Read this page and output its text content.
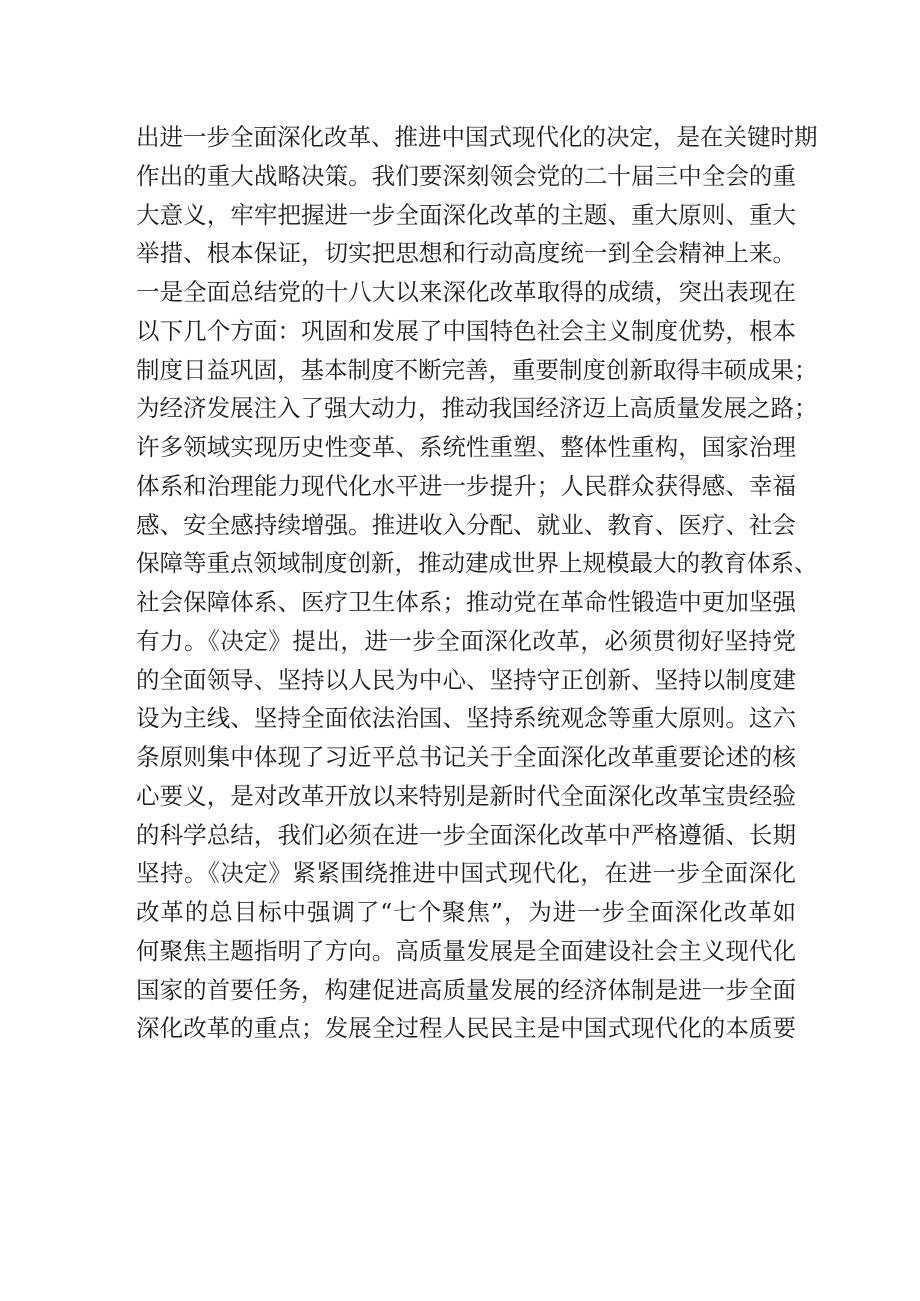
出进一步全面深化改革、推进中国式现代化的决定，是在关键时期
作出的重大战略决策。我们要深刻领会党的二十届三中全会的重
大意义，牢牢把握进一步全面深化改革的主题、重大原则、重大
举措、根本保证，切实把思想和行动高度统一到全会精神上来。
一是全面总结党的十八大以来深化改革取得的成绩，突出表现在
以下几个方面：巩固和发展了中国特色社会主义制度优势，根本
制度日益巩固，基本制度不断完善，重要制度创新取得丰硕成果；
为经济发展注入了强大动力，推动我国经济迈上高质量发展之路；
许多领域实现历史性变革、系统性重塑、整体性重构，国家治理
体系和治理能力现代化水平进一步提升；人民群众获得感、幸福
感、安全感持续增强。推进收入分配、就业、教育、医疗、社会
保障等重点领域制度创新，推动建成世界上规模最大的教育体系、
社会保障体系、医疗卫生体系；推动党在革命性锻造中更加坚强
有力。《决定》提出，进一步全面深化改革，必须贯彻好坚持党
的全面领导、坚持以人民为中心、坚持守正创新、坚持以制度建
设为主线、坚持全面依法治国、坚持系统观念等重大原则。这六
条原则集中体现了习近平总书记关于全面深化改革重要论述的核
心要义，是对改革开放以来特别是新时代全面深化改革宝贵经验
的科学总结，我们必须在进一步全面深化改革中严格遵循、长期
坚持。《决定》紧紧围绕推进中国式现代化，在进一步全面深化
改革的总目标中强调了“七个聚焦”，为进一步全面深化改革如
何聚焦主题指明了方向。高质量发展是全面建设社会主义现代化
国家的首要任务，构建促进高质量发展的经济体制是进一步全面
深化改革的重点；发展全过程人民民主是中国式现代化的本质要
